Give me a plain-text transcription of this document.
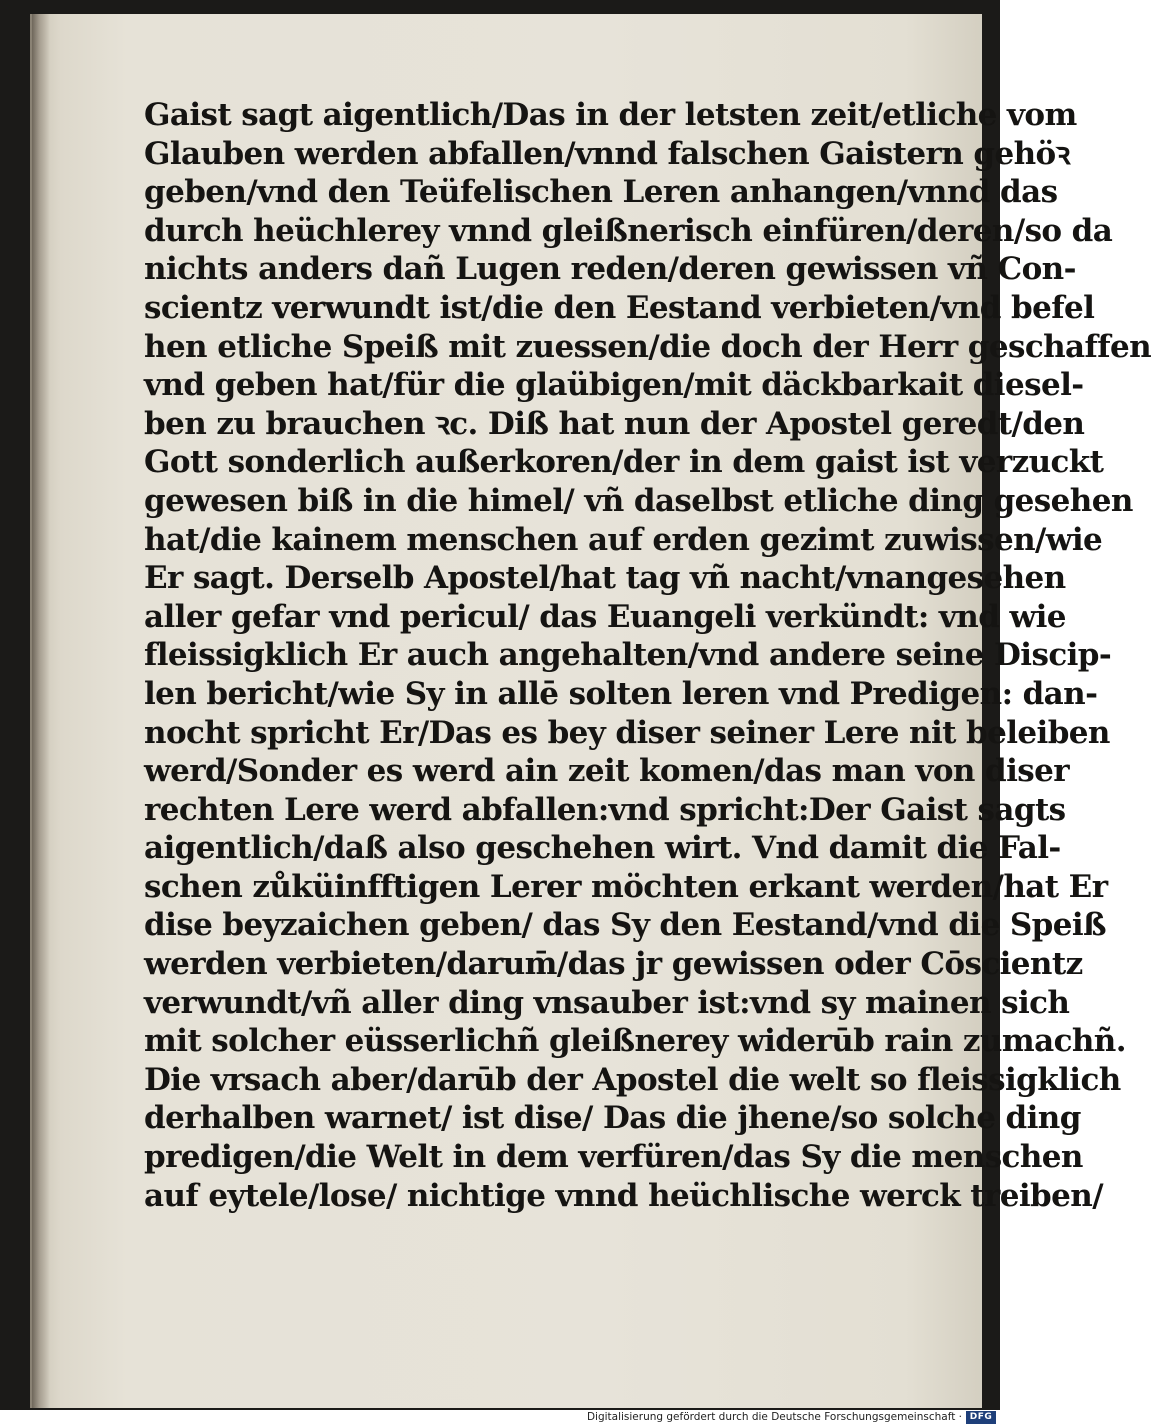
Gaist sagt aigentlich/Das in der letsten zeit/etliche vom
Glauben werden abfallen/vnnd falschen Gaistern gehö͏ꝛ
geben/vnd den Teüfelischen Leren anhangen/vnnd das
durch heüchlerey vnnd gleißnerisch einfüren/deren/so da
nichts anders dañ Lugen reden/deren gewissen vñ Con-
scientz verwundt ist/die den Eestand verbieten/vnd befel
hen etliche Speiß mit zuessen/die doch der Herr geschaffen
vnd geben hat/für die glaübigen/mit däckbarkait diesel-
ben zu brauchen ꝛc. Diß hat nun der Apostel geredt/den
Gott sonderlich außerkoren/der in dem gaist ist verzuckt
gewesen biß in die himel/ vñ daselbst etliche ding gesehen
hat/die kainem menschen auf erden gezimt zuwissen/wie
Er sagt. Derselb Apostel/hat tag vñ nacht/vnangesehen
aller gefar vnd pericul/ das Euangeli verkündt: vnd wie
fleissigklich Er auch angehalten/vnd andere seine Discip-
len bericht/wie Sy in allē solten leren vnd Predigen: dan-
nocht spricht Er/Das es bey diser seiner Lere nit beleiben
werd/Sonder es werd ain zeit komen/das man von diser
rechten Lere werd abfallen:vnd spricht:Der Gaist sagts
aigentlich/daß also geschehen wirt. Vnd damit die Fal-
schen zůküinfftigen Lerer möchten erkant werden/hat Er
dise beyzaichen geben/ das Sy den Eestand/vnd die Speiß
werden verbieten/darum̄/das jr gewissen oder Cōscientz
verwundt/vñ aller ding vnsauber ist:vnd sy mainen sich
mit solcher eüsserlichñ gleißnerey widerūb rain zumachñ.
Die vrsach aber/darūb der Apostel die welt so fleissigklich
derhalben warnet/ ist dise/ Das die jhene/so solche ding
predigen/die Welt in dem verfüren/das Sy die menschen
auf eytele/lose/ nichtige vnnd heüchlische werck treiben/
Digitalisierung gefördert durch die Deutsche Forschungsgemeinschaft · DFG
